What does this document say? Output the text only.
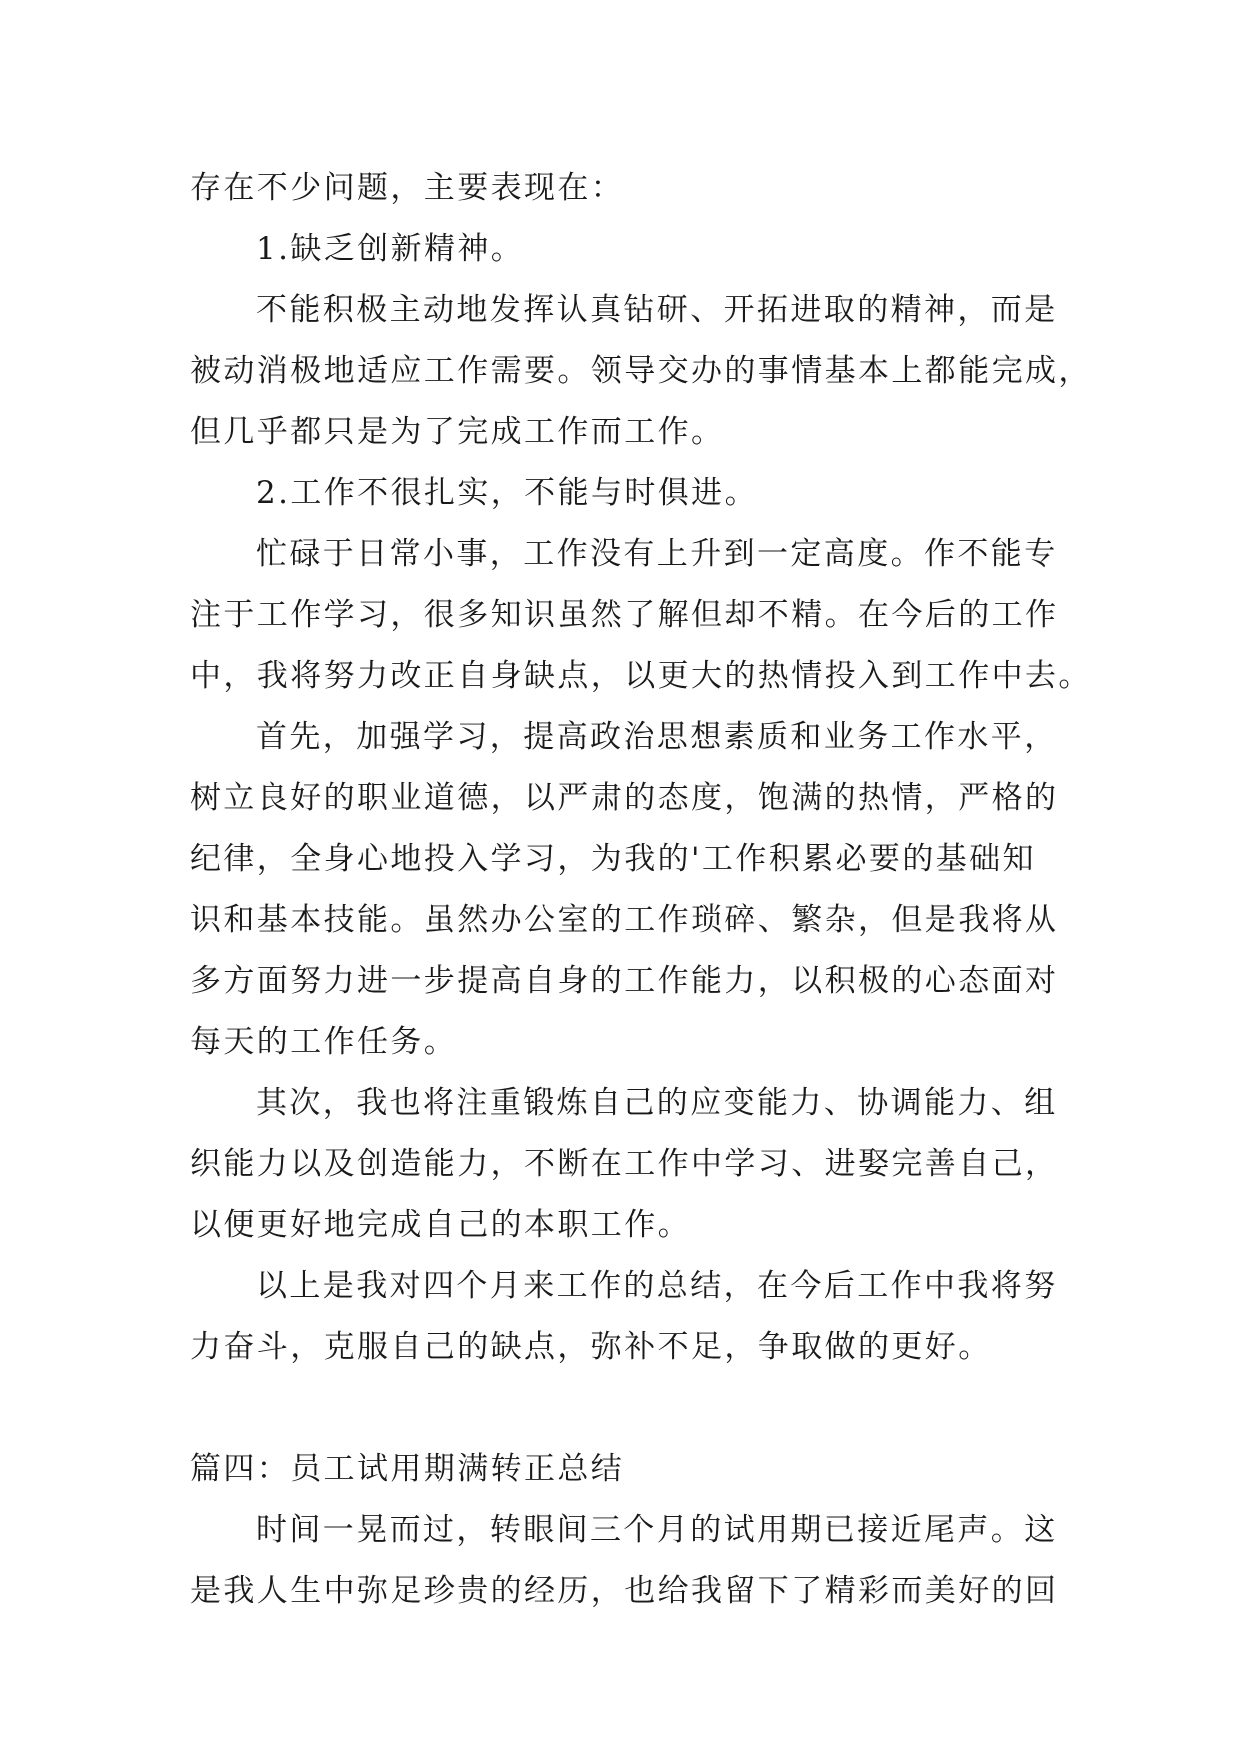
存在不少问题，主要表现在：
1.缺乏创新精神。
不能积极主动地发挥认真钻研、开拓进取的精神，而是
被动消极地适应工作需要。领导交办的事情基本上都能完成，
但几乎都只是为了完成工作而工作。
2.工作不很扎实，不能与时俱进。
忙碌于日常小事，工作没有上升到一定高度。作不能专
注于工作学习，很多知识虽然了解但却不精。在今后的工作
中，我将努力改正自身缺点，以更大的热情投入到工作中去。
首先，加强学习，提高政治思想素质和业务工作水平，
树立良好的职业道德，以严肃的态度，饱满的热情，严格的
纪律，全身心地投入学习，为我的'工作积累必要的基础知
识和基本技能。虽然办公室的工作琐碎、繁杂，但是我将从
多方面努力进一步提高自身的工作能力，以积极的心态面对
每天的工作任务。
其次，我也将注重锻炼自己的应变能力、协调能力、组
织能力以及创造能力，不断在工作中学习、进娶完善自己，
以便更好地完成自己的本职工作。
以上是我对四个月来工作的总结，在今后工作中我将努
力奋斗，克服自己的缺点，弥补不足，争取做的更好。
篇四：员工试用期满转正总结
时间一晃而过，转眼间三个月的试用期已接近尾声。这
是我人生中弥足珍贵的经历，也给我留下了精彩而美好的回
